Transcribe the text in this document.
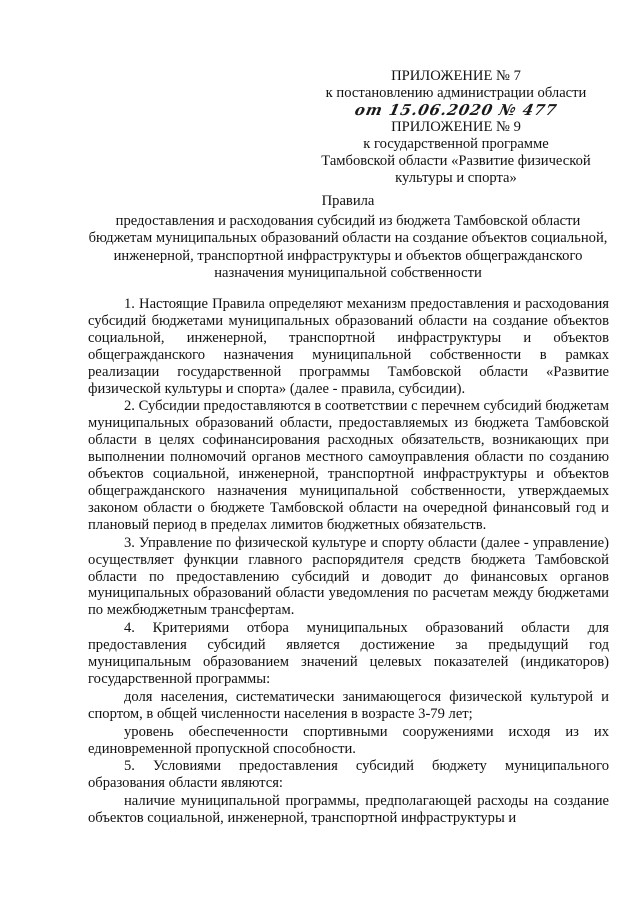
ПРИЛОЖЕНИЕ № 7
к постановлению администрации области
от 15.06.2020 № 477
ПРИЛОЖЕНИЕ № 9
к государственной программе
Тамбовской области «Развитие физической
культуры и спорта»
Правила
предоставления и расходования субсидий из бюджета Тамбовской области бюджетам муниципальных образований области на создание объектов социальной, инженерной, транспортной инфраструктуры и объектов общегражданского назначения муниципальной собственности

1. Настоящие Правила определяют механизм предоставления и расходования субсидий бюджетами муниципальных образований области на создание объектов социальной, инженерной, транспортной инфраструктуры и объектов общегражданского назначения муниципальной собственности в рамках реализации государственной программы Тамбовской области «Развитие физической культуры и спорта» (далее - правила, субсидии).

2. Субсидии предоставляются в соответствии с перечнем субсидий бюджетам муниципальных образований области, предоставляемых из бюджета Тамбовской области в целях софинансирования расходных обязательств, возникающих при выполнении полномочий органов местного самоуправления области по созданию объектов социальной, инженерной, транспортной инфраструктуры и объектов общегражданского назначения муниципальной собственности, утверждаемых законом области о бюджете Тамбовской области на очередной финансовый год и плановый период в пределах лимитов бюджетных обязательств.

3. Управление по физической культуре и спорту области (далее - управление) осуществляет функции главного распорядителя средств бюджета Тамбовской области по предоставлению субсидий и доводит до финансовых органов муниципальных образований области уведомления по расчетам между бюджетами по межбюджетным трансфертам.

4. Критериями отбора муниципальных образований области для предоставления субсидий является достижение за предыдущий год муниципальным образованием значений целевых показателей (индикаторов) государственной программы:

доля населения, систематически занимающегося физической культурой и спортом, в общей численности населения в возрасте 3-79 лет;

уровень обеспеченности спортивными сооружениями исходя из их единовременной пропускной способности.

5. Условиями предоставления субсидий бюджету муниципального образования области являются:

наличие муниципальной программы, предполагающей расходы на создание объектов социальной, инженерной, транспортной инфраструктуры и
